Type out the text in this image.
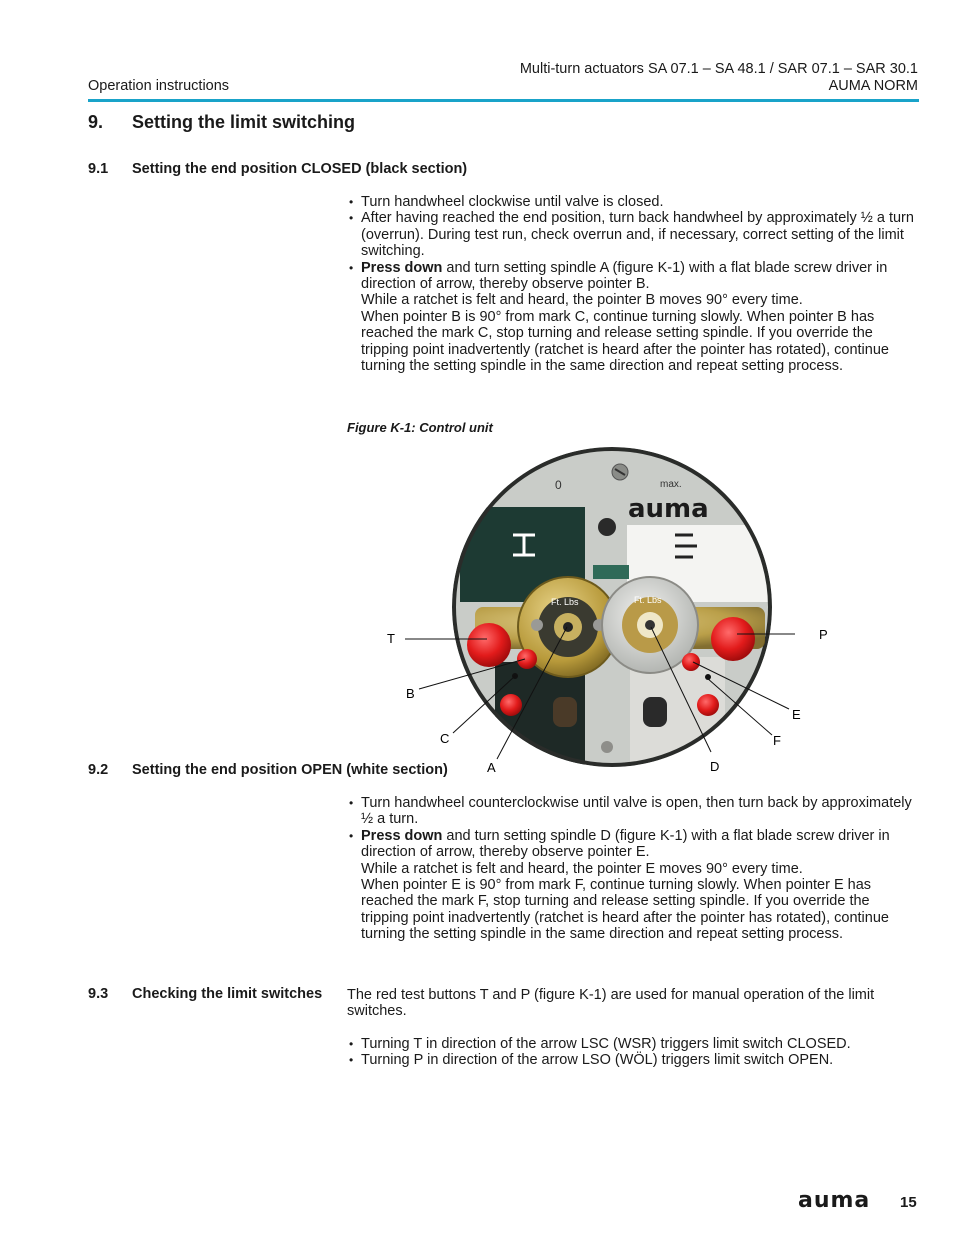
Operation instructions
Multi-turn actuators SA 07.1 – SA 48.1 / SAR 07.1 – SAR 30.1
AUMA NORM
9. Setting the limit switching
9.1 Setting the end position CLOSED (black section)
• Turn handwheel clockwise until valve is closed.
• After having reached the end position, turn back handwheel by approximately ½ a turn (overrun). During test run, check overrun and, if necessary, correct setting of the limit switching.
• Press down and turn setting spindle A (figure K-1) with a flat blade screw driver in direction of arrow, thereby observe pointer B.
While a ratchet is felt and heard, the pointer B moves 90° every time.
When pointer B is 90° from mark C, continue turning slowly. When pointer B has reached the mark C, stop turning and release setting spindle. If you override the tripping point inadvertently (ratchet is heard after the pointer has rotated), continue turning the setting spindle in the same direction and repeat setting process.
Figure K-1: Control unit
0	max.
auma
Ft. Lbs	Ft. Lbs
T
B
C
A	D
F
E
P
9.2 Setting the end position OPEN (white section)
• Turn handwheel counterclockwise until valve is open, then turn back by approximately ½ a turn.
• Press down and turn setting spindle D (figure K-1) with a flat blade screw driver in direction of arrow, thereby observe pointer E.
While a ratchet is felt and heard, the pointer E moves 90° every time.
When pointer E is 90° from mark F, continue turning slowly. When pointer E has reached the mark F, stop turning and release setting spindle. If you override the tripping point inadvertently (ratchet is heard after the pointer has rotated), continue turning the setting spindle in the same direction and repeat setting process.
9.3 Checking the limit switches The red test buttons T and P (figure K-1) are used for manual operation of the limit switches.

• Turning T in direction of the arrow LSC (WSR) triggers limit switch CLOSED.
• Turning P in direction of the arrow LSO (WÖL) triggers limit switch OPEN.
auma 15
